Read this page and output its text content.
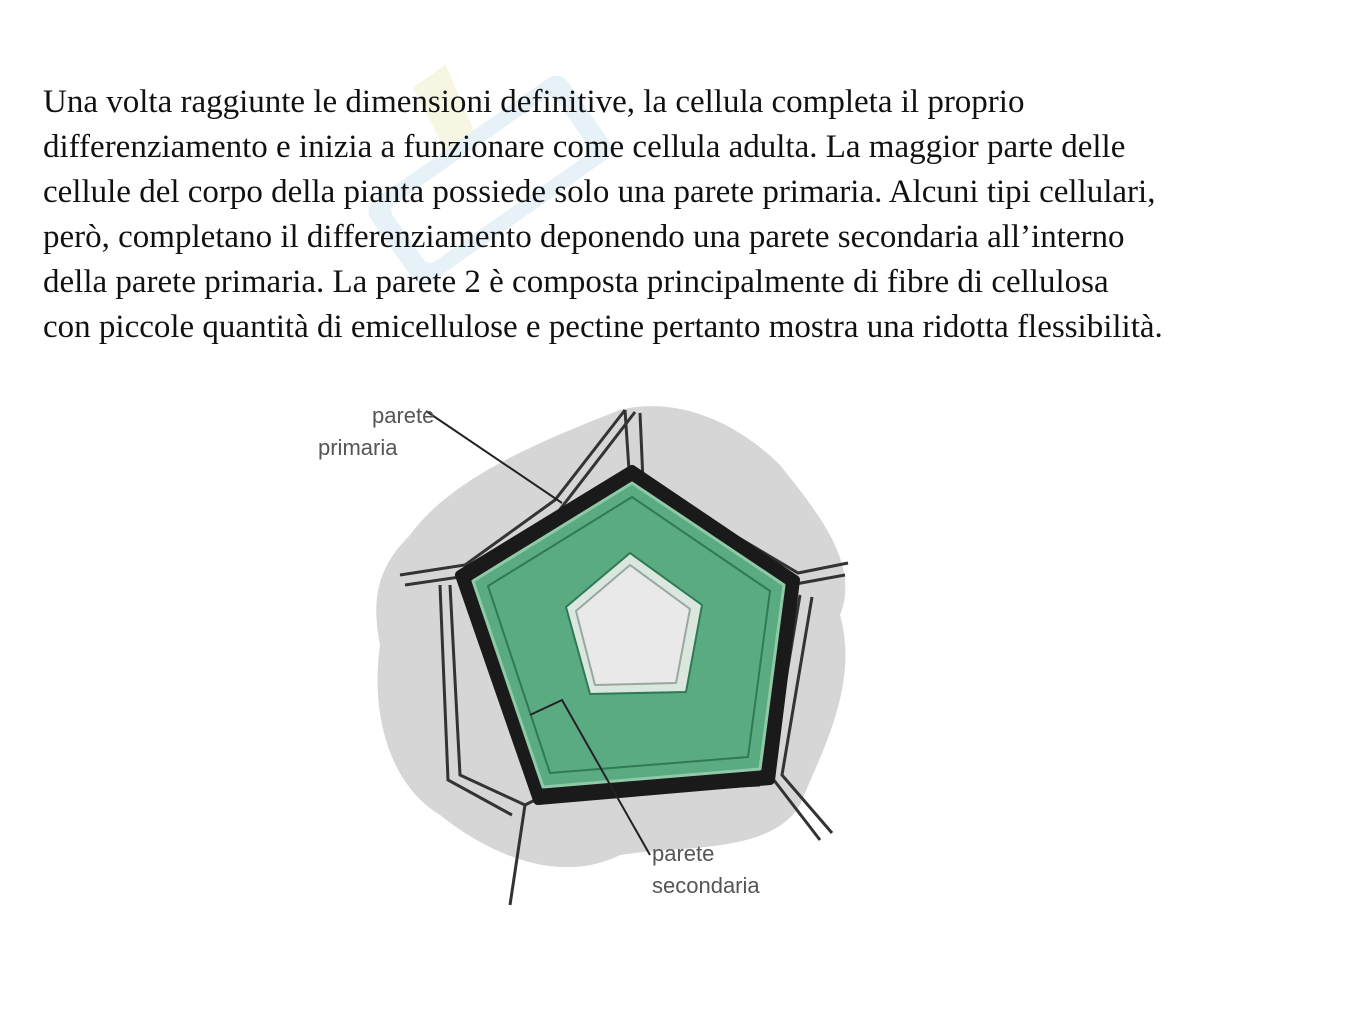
Una volta raggiunte le dimensioni definitive, la cellula completa il proprio
differenziamento e inizia a funzionare come cellula adulta. La maggior parte delle
cellule del corpo della pianta possiede solo una parete primaria. Alcuni tipi cellulari,
però, completano il differenziamento deponendo una parete secondaria all’interno
della parete primaria. La parete 2 è composta principalmente di fibre di cellulosa
con piccole quantità di emicellulose e pectine pertanto mostra una ridotta flessibilità.

parete
primaria
parete
secondaria
